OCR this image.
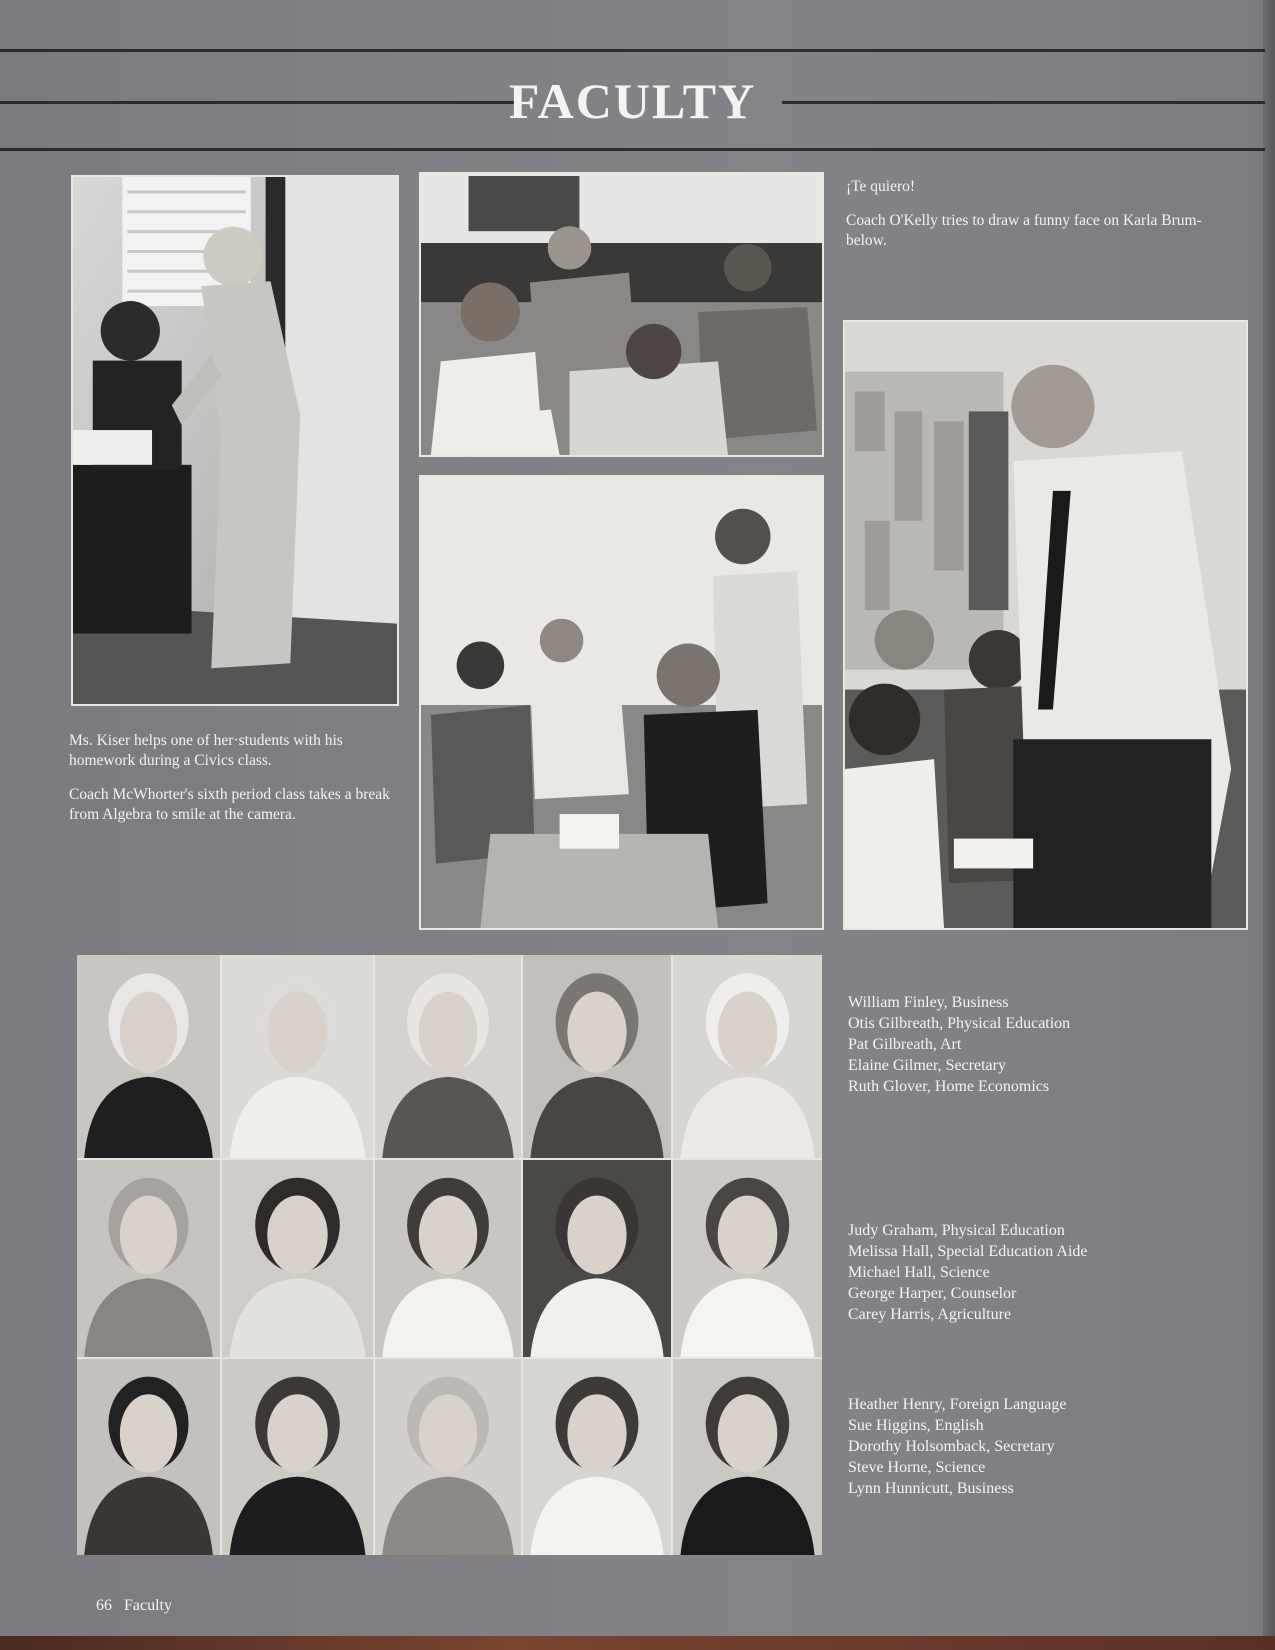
FACULTY

¡Te quiero!

Coach O'Kelly tries to draw a funny face on Karla Brum-below.

Ms. Kiser helps one of her·students with his homework during a Civics class.

Coach McWhorter's sixth period class takes a break from Algebra to smile at the camera.

William Finley, Business
Otis Gilbreath, Physical Education
Pat Gilbreath, Art
Elaine Gilmer, Secretary
Ruth Glover, Home Economics
Judy Graham, Physical Education
Melissa Hall, Special Education Aide
Michael Hall, Science
George Harper, Counselor
Carey Harris, Agriculture
Heather Henry, Foreign Language
Sue Higgins, English
Dorothy Holsomback, Secretary
Steve Horne, Science
Lynn Hunnicutt, Business
66 Faculty
